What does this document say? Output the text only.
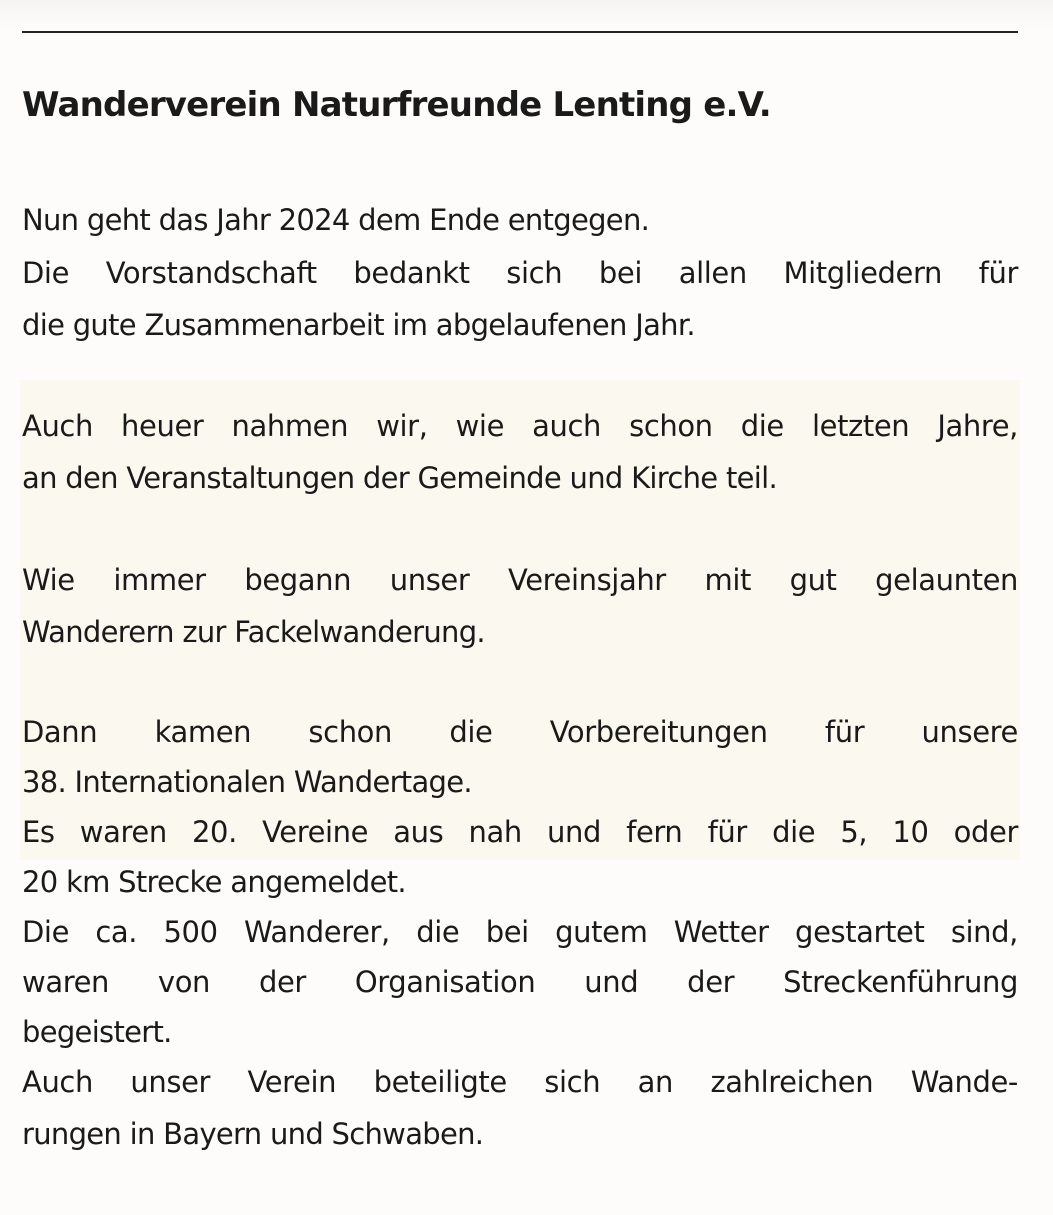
Wanderverein Naturfreunde Lenting e.V.

Nun geht das Jahr 2024 dem Ende entgegen.

Die Vorstandschaft bedankt sich bei allen Mitgliedern für

die gute Zusammenarbeit im abgelaufenen Jahr.

Auch heuer nahmen wir, wie auch schon die letzten Jahre,

an den Veranstaltungen der Gemeinde und Kirche teil.

Wie immer begann unser Vereinsjahr mit gut gelaunten

Wanderern zur Fackelwanderung.

Dann kamen schon die Vorbereitungen für unsere

38. Internationalen Wandertage.

Es waren 20. Vereine aus nah und fern für die 5, 10 oder

20 km Strecke angemeldet.

Die ca. 500 Wanderer, die bei gutem Wetter gestartet sind,

waren von der Organisation und der Streckenführung

begeistert.

Auch unser Verein beteiligte sich an zahlreichen Wande-

rungen in Bayern und Schwaben.
